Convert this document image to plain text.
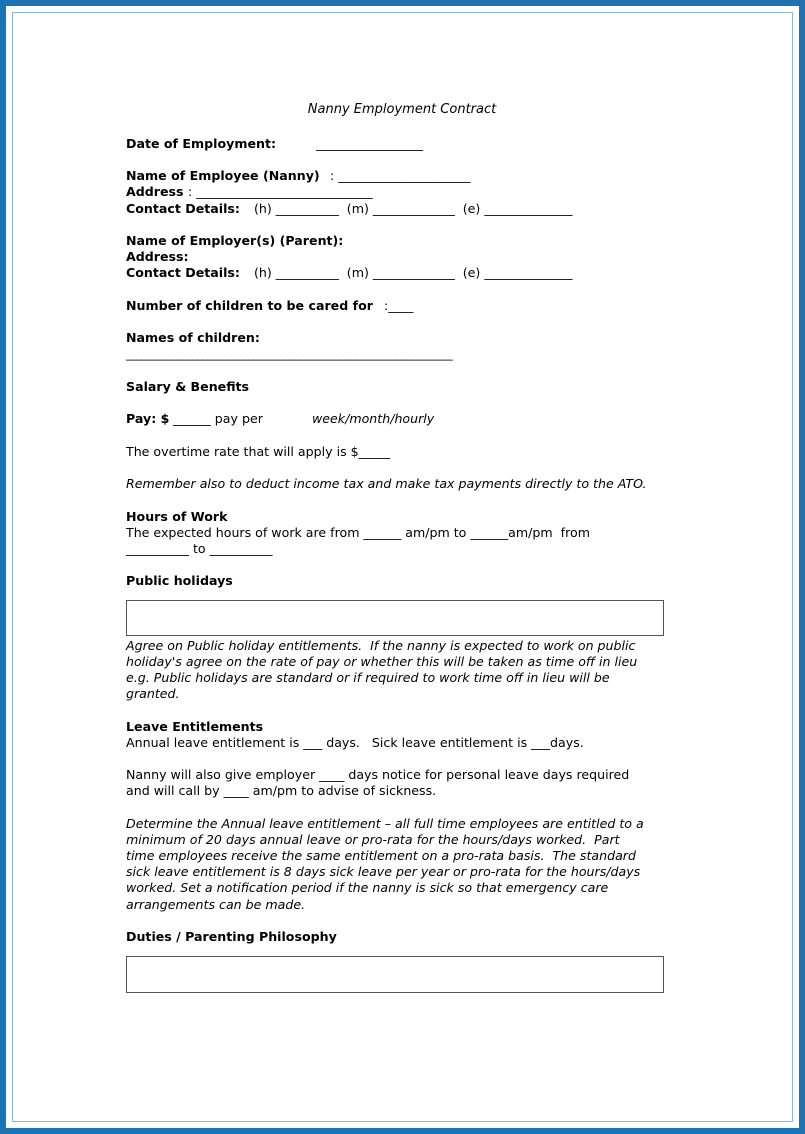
Nanny Employment Contract
Date of Employment:	_________________
Name of Employee (Nanny) : _____________________
Address : ____________________________
Contact Details: (h) __________  (m) _____________  (e) ______________
Name of Employer(s) (Parent):
Address:
Contact Details: (h) __________  (m) _____________  (e) ______________
Number of children to be cared for :____
Names of children:
________________________________________________________________
Salary & Benefits
Pay: $ ______ pay per	week/month/hourly
The overtime rate that will apply is $_____
Remember also to deduct income tax and make tax payments directly to the ATO.
Hours of Work
The expected hours of work are from ______ am/pm to ______am/pm  from
__________ to __________
Public holidays
Agree on Public holiday entitlements.  If the nanny is expected to work on public
holiday's agree on the rate of pay or whether this will be taken as time off in lieu
e.g. Public holidays are standard or if required to work time off in lieu will be
granted.
Leave Entitlements
Annual leave entitlement is ___ days.   Sick leave entitlement is ___days.
Nanny will also give employer ____ days notice for personal leave days required
and will call by ____ am/pm to advise of sickness.
Determine the Annual leave entitlement – all full time employees are entitled to a
minimum of 20 days annual leave or pro-rata for the hours/days worked.  Part
time employees receive the same entitlement on a pro-rata basis.  The standard
sick leave entitlement is 8 days sick leave per year or pro-rata for the hours/days
worked. Set a notification period if the nanny is sick so that emergency care
arrangements can be made.
Duties / Parenting Philosophy
